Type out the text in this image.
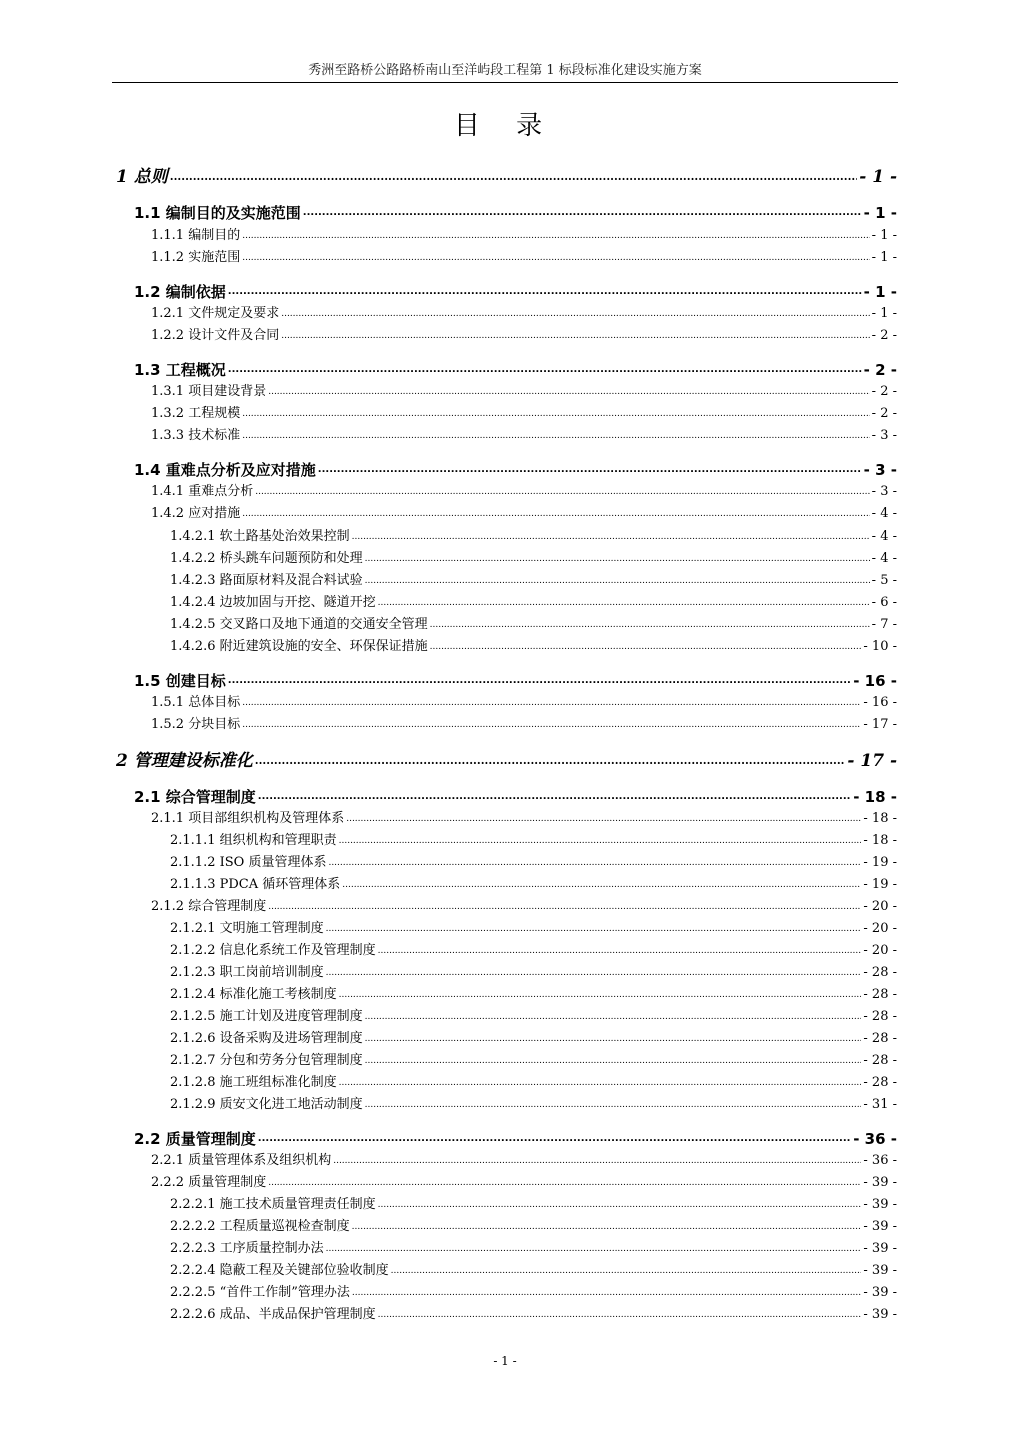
秀洲至路桥公路路桥南山至洋屿段工程第 1 标段标准化建设实施方案
目 录
1 总则 .....	- 1 -
1.1 编制目的及实施范围 .....	- 1 -
1.1.1 编制目的 .....	- 1 -
1.1.2 实施范围 .....	- 1 -
1.2 编制依据 .....	- 1 -
1.2.1 文件规定及要求 .....	- 1 -
1.2.2 设计文件及合同 .....	- 2 -
1.3 工程概况 .....	- 2 -
1.3.1 项目建设背景 .....	- 2 -
1.3.2 工程规模 .....	- 2 -
1.3.3 技术标准 .....	- 3 -
1.4 重难点分析及应对措施 .....	- 3 -
1.4.1 重难点分析 .....	- 3 -
1.4.2 应对措施 .....	- 4 -
1.4.2.1 软土路基处治效果控制 .....	- 4 -
1.4.2.2 桥头跳车问题预防和处理 .....	- 4 -
1.4.2.3 路面原材料及混合料试验 .....	- 5 -
1.4.2.4 边坡加固与开挖、隧道开挖 .....	- 6 -
1.4.2.5 交叉路口及地下通道的交通安全管理 .....	- 7 -
1.4.2.6 附近建筑设施的安全、环保保证措施 .....	- 10 -
1.5 创建目标 .....	- 16 -
1.5.1 总体目标 .....	- 16 -
1.5.2 分块目标 .....	- 17 -
2 管理建设标准化 .....	- 17 -
2.1 综合管理制度 .....	- 18 -
2.1.1 项目部组织机构及管理体系 .....	- 18 -
2.1.1.1 组织机构和管理职责 .....	- 18 -
2.1.1.2 ISO 质量管理体系 .....	- 19 -
2.1.1.3 PDCA 循环管理体系 .....	- 19 -
2.1.2 综合管理制度 .....	- 20 -
2.1.2.1 文明施工管理制度 .....	- 20 -
2.1.2.2 信息化系统工作及管理制度 .....	- 20 -
2.1.2.3 职工岗前培训制度 .....	- 28 -
2.1.2.4 标准化施工考核制度 .....	- 28 -
2.1.2.5 施工计划及进度管理制度 .....	- 28 -
2.1.2.6 设备采购及进场管理制度 .....	- 28 -
2.1.2.7 分包和劳务分包管理制度 .....	- 28 -
2.1.2.8 施工班组标准化制度 .....	- 28 -
2.1.2.9 质安文化进工地活动制度 .....	- 31 -
2.2 质量管理制度 .....	- 36 -
2.2.1 质量管理体系及组织机构 .....	- 36 -
2.2.2 质量管理制度 .....	- 39 -
2.2.2.1 施工技术质量管理责任制度 .....	- 39 -
2.2.2.2 工程质量巡视检查制度 .....	- 39 -
2.2.2.3 工序质量控制办法 .....	- 39 -
2.2.2.4 隐蔽工程及关键部位验收制度 .....	- 39 -
2.2.2.5 “首件工作制”管理办法 .....	- 39 -
2.2.2.6 成品、半成品保护管理制度 .....	- 39 -
- 1 -
